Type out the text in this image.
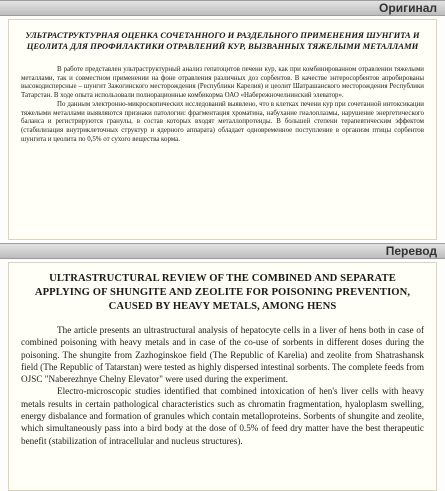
Оригинал

УЛЬТРАСТРУКТУРНАЯ ОЦЕНКА СОЧЕТАННОГО И РАЗДЕЛЬНОГО ПРИМЕНЕНИЯ ШУНГИТА И ЦЕОЛИТА ДЛЯ ПРОФИЛАКТИКИ ОТРАВЛЕНИЙ КУР, ВЫЗВАННЫХ ТЯЖЕЛЫМИ МЕТАЛЛАМИ

В работе представлен ультраструктурный анализ гепатоцитов печени кур, как при комбинированном отравлении тяжелыми металлами, так и совместном применении на фоне отравления различных доз сорбентов. В качестве энтеросорбентов апробированы высокодисперсные – шунгит Зажогинского месторождения (Республики Карелия) и цеолит Шатрашанского месторождения Республики Татарстан. В ходе опыта использовали полнорационные комбикорма ОАО «Набережночелнинский элеватор».

По данным электронно-микроскопических исследований выявлено, что в клетках печени кур при сочетанной интоксикации тяжелыми металлами выявляются признаки патологии: фрагментация хроматина, набухание гиалоплазмы, нарушение энергетического баланса и регистрируются гранулы, в состав которых входят металлопротеиды. В большей степени терапевтическим эффектом (стабилизация внутриклеточных структур и ядерного аппарата) обладает одновременное поступление в организм птицы сорбентов шунгита и цеолита по 0,5% от сухого вещества корма.

Перевод

ULTRASTRUCTURAL REVIEW OF THE COMBINED AND SEPARATE APPLYING OF SHUNGITE AND ZEOLITE FOR POISONING PREVENTION, CAUSED BY HEAVY METALS, AMONG HENS

The article presents an ultrastructural analysis of hepatocyte cells in a liver of hens both in case of combined poisoning with heavy metals and in case of the co-use of sorbents in different doses during the poisoning. The shungite from Zazhoginskoe field (The Republic of Karelia) and zeolite from Shatrashansk field (The Republic of Tatarstan) were tested as highly dispersed intestinal sorbents. The complete feeds from OJSC "Naberezhnye Chelny Elevator" were used during the experiment.

Electro-microscopic studies identified that combined intoxication of hen's liver cells with heavy metals results in certain pathological characteristics such as chromatin fragmentation, hyaloplasm swelling, energy disbalance and formation of granules which contain metalloproteins. Sorbents of shungite and zeolite, which simultaneously pass into a bird body at the dose of 0.5% of feed dry matter have the best therapeutic benefit (stabilization of intracellular and nucleus structures).
